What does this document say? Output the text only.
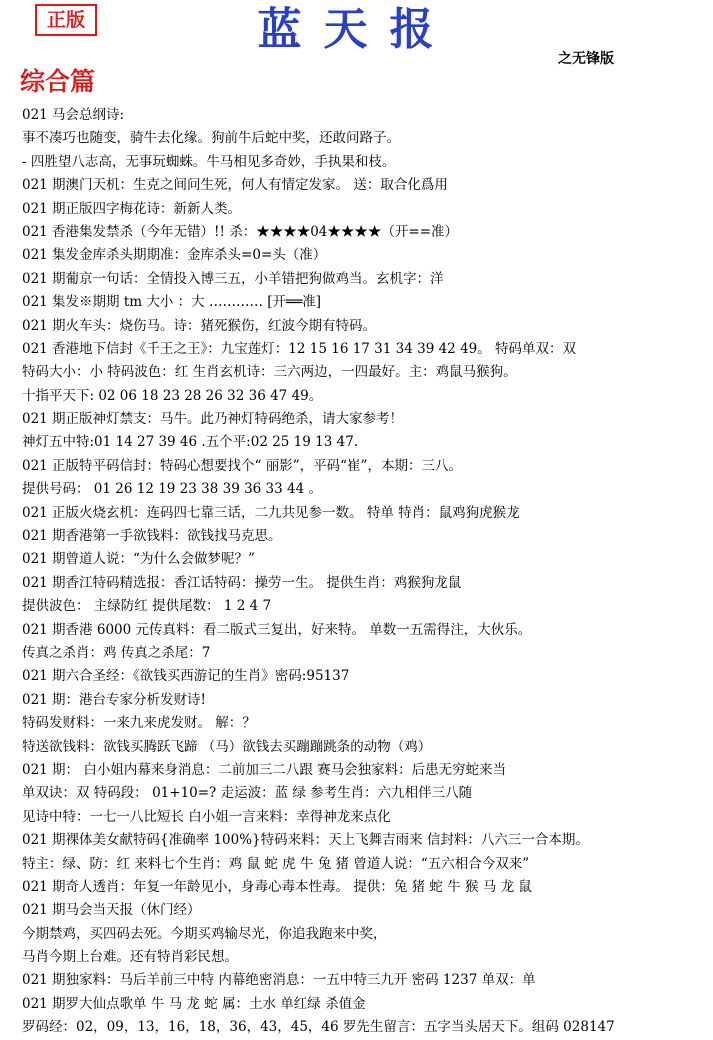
正版	蓝天报
之无锋版
综合篇
021 马会总纲诗:
事不凑巧也随变，骑牛去化缘。狗前牛后蛇中奖，还敢问路子。
- 四胜望八志高，无事玩蜘蛛。牛马相见多奇妙，手执果和枝。
021 期澳门天机：生克之间问生死，何人有情定发家。 送：取合化爲用
021 期正版四字梅花诗：新新人类。
021 香港集发禁杀（今年无错）!! 杀：★★★★04★★★★（开==准）
021 集发金库杀头期期准：金库杀头=0=头（准）
021 期葡京一句话：全情投入博三五，小羊错把狗做鸡当。玄机字：洋
021 集发※期期 tm 大小 ：大 ………… [开══准]
021 期火车头：烧伤马。诗：猪死猴伤，红波今期有特码。
021 香港地下信封《千王之王》：九宝莲灯：12 15 16 17 31 34 39 42 49。 特码单双：双
特码大小：小 特码波色：红 生肖玄机诗：三六两边，一四最好。主：鸡鼠马猴狗。
十指平天下: 02 06 18 23 28 26 32 36 47 49。
021 期正版神灯禁支：马牛。此乃神灯特码绝杀，请大家参考！
神灯五中特:01 14 27 39 46 .五个平:02 25 19 13 47.
021 正版特平码信封：特码心想要找个“ 丽影”，平码“崔”，本期：三八。
提供号码： 01 26 12 19 23 38 39 36 33 44 。
021 正版火烧玄机：连码四七靠三话，二九共见参一数。 特单 特肖：鼠鸡狗虎猴龙
021 期香港第一手欲钱料：欲钱找马克思。
021 期曾道人说：“为什么会做梦呢？”
021 期香江特码精选报：香江话特码：操劳一生。 提供生肖：鸡猴狗龙鼠
提供波色： 主绿防红 提供尾数： 1 2 4 7
021 期香港 6000 元传真料：看二版式三复出，好来特。 单数一五需得注，大伙乐。
传真之杀肖：鸡 传真之杀尾：7
021 期六合圣经：《欲钱买西游记的生肖》密码:95137
021 期：港台专家分析发财诗!
特码发财料：一来九来虎发财。 解：？
特送欲钱料：欲钱买腾跃飞蹄 （马）欲钱去买蹦蹦跳条的动物（鸡）
021 期： 白小姐内幕来身消息：二前加三二八跟 赛马会独家料：后患无穷蛇来当
单双诀：双 特码段： 01+10=? 走运波：蓝 绿 参考生肖：六九相伴三八随
见诗中特：一七一八比短长 白小姐一言来料：幸得神龙来点化
021 期裸体美女献特码{准确率 100%}特码来料：天上飞舞吉雨来 信封料：八六三一合本期。
特主：绿、防：红 来料七个生肖：鸡 鼠 蛇 虎 牛 兔 猪 曾道人说：“五六相合今双来”
021 期奇人透肖：年复一年龄见小，身毒心毒本性毒。 提供：兔 猪 蛇 牛 猴 马 龙 鼠
021 期马会当天报（休门经）
今期禁鸡，买四码去死。今期买鸡输尽光，你追我跑来中奖，
马肖今期上台难。还有特肖彩民想。
021 期独家料：马后羊前三中特 内幕绝密消息：一五中特三九开 密码 1237 单双：单
021 期罗大仙点歌单 牛 马 龙 蛇 属：土水 单红绿 杀值金
罗码经：02，09，13，16，18，36，43，45，46 罗先生留言：五字当头居天下。组码 028147
